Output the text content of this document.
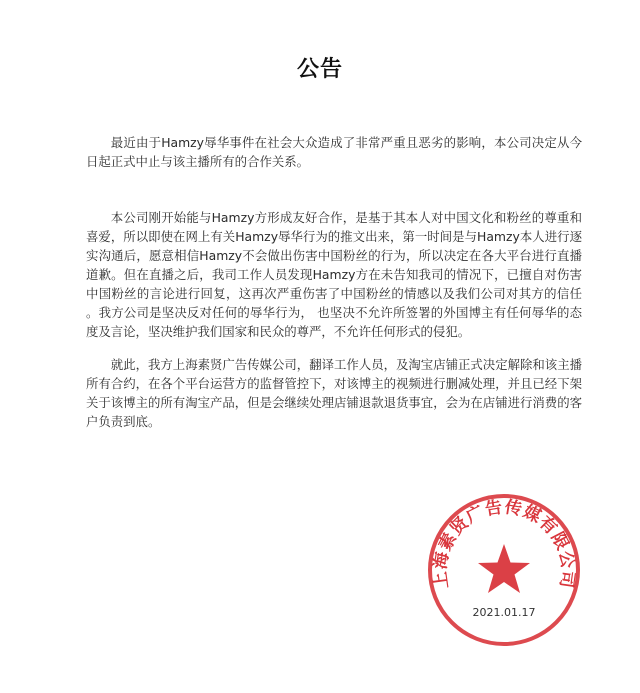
公告

最近由于Hamzy辱华事件在社会大众造成了非常严重且恶劣的影响，本公司决定从今日起正式中止与该主播所有的合作关系。

本公司刚开始能与Hamzy方形成友好合作，是基于其本人对中国文化和粉丝的尊重和喜爱，所以即使在网上有关Hamzy辱华行为的推文出来，第一时间是与Hamzy本人进行逐实沟通后，愿意相信Hamzy不会做出伤害中国粉丝的行为，所以决定在各大平台进行直播道歉。但在直播之后，我司工作人员发现Hamzy方在未告知我司的情况下，已擅自对伤害中国粉丝的言论进行回复，这再次严重伤害了中国粉丝的情感以及我们公司对其方的信任 。我方公司是坚决反对任何的辱华行为， 也坚决不允许所签署的外国博主有任何辱华的态度及言论，坚决维护我们国家和民众的尊严，不允许任何形式的侵犯。

就此，我方上海素贤广告传媒公司，翻译工作人员，及淘宝店铺正式决定解除和该主播所有合约，在各个平台运营方的监督管控下，对该博主的视频进行删减处理，并且已经下架关于该博主的所有淘宝产品，但是会继续处理店铺退款退货事宜，会为在店铺进行消费的客户负责到底。

上海素贤广告传媒有限公司
2021.01.17
